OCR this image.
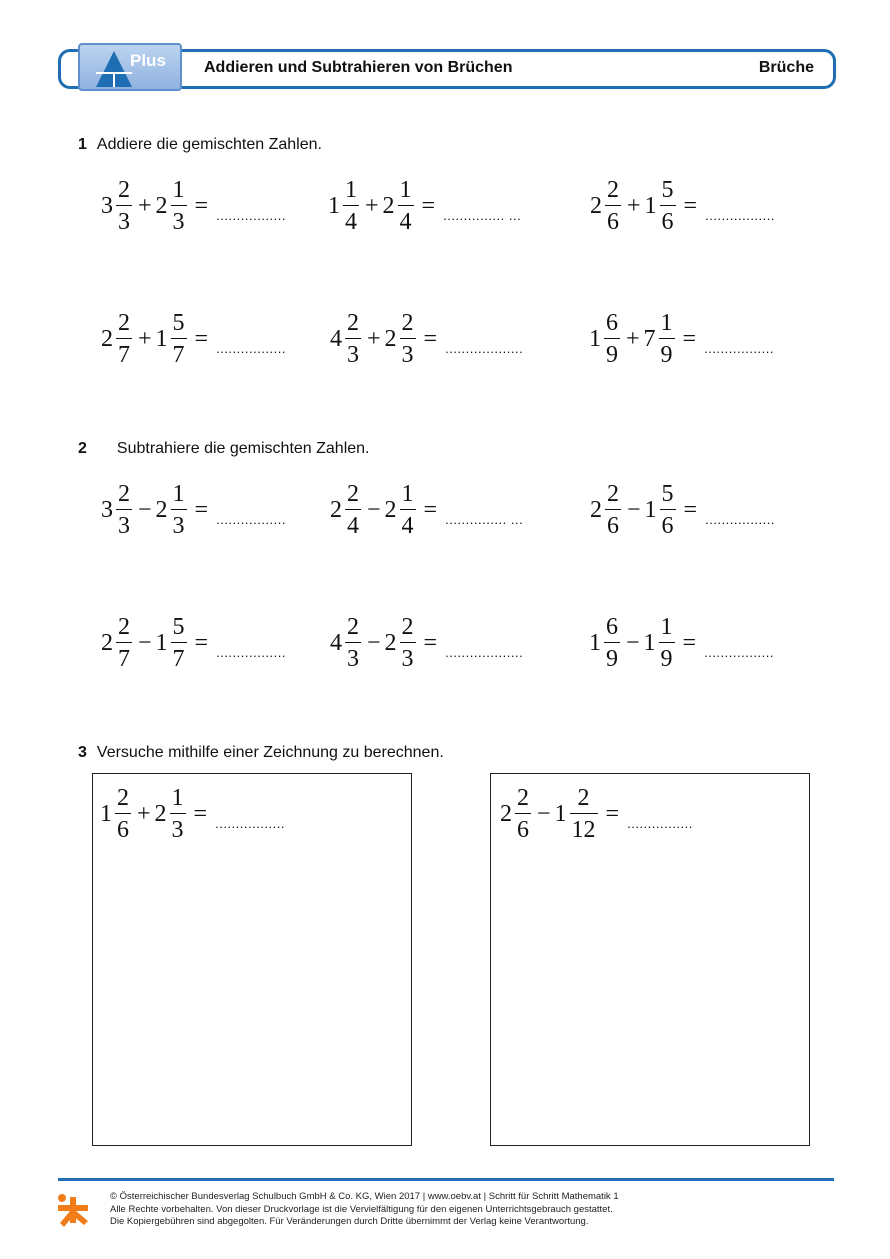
Plus Addieren und Subtrahieren von Brüchen	Brüche
1 Addiere die gemischten Zahlen.
$3 \frac{2}{3} + 2 \frac{1}{3}$ = ................. $1 \frac{1}{4} + 2 \frac{1}{4}$ = ............... ...	$2 \frac{2}{6} + 1 \frac{5}{6}$ = .................
$2 \frac{2}{7} + 1 \frac{5}{7}$ = ................. $4 \frac{2}{3} + 2 \frac{2}{3}$ = ...................	$1 \frac{6}{9} + 7 \frac{1}{9}$ = .................
2 Subtrahiere die gemischten Zahlen.
$3 \frac{2}{3} - 2 \frac{1}{3}$ = ................. $2 \frac{2}{4} - 2 \frac{1}{4}$ = ............... ...	$2 \frac{2}{6} - 1 \frac{5}{6}$ = .................
$2 \frac{2}{7} - 1 \frac{5}{7}$ = ................. $4 \frac{2}{3} - 2 \frac{2}{3}$ = ...................	$1 \frac{6}{9} - 1 \frac{1}{9}$ = .................
3 Versuche mithilfe einer Zeichnung zu berechnen.
$1 \frac{2}{6} + 2 \frac{1}{3}$ = .................	$2 \frac{2}{6} - 1 \frac{2}{12}$ = ................
© Österreichischer Bundesverlag Schulbuch GmbH & Co. KG, Wien 2017 | www.oebv.at | Schritt für Schritt Mathematik 1
Alle Rechte vorbehalten. Von dieser Druckvorlage ist die Vervielfältigung für den eigenen Unterrichtsgebrauch gestattet.
Die Kopiergebühren sind abgegolten. Für Veränderungen durch Dritte übernimmt der Verlag keine Verantwortung.
